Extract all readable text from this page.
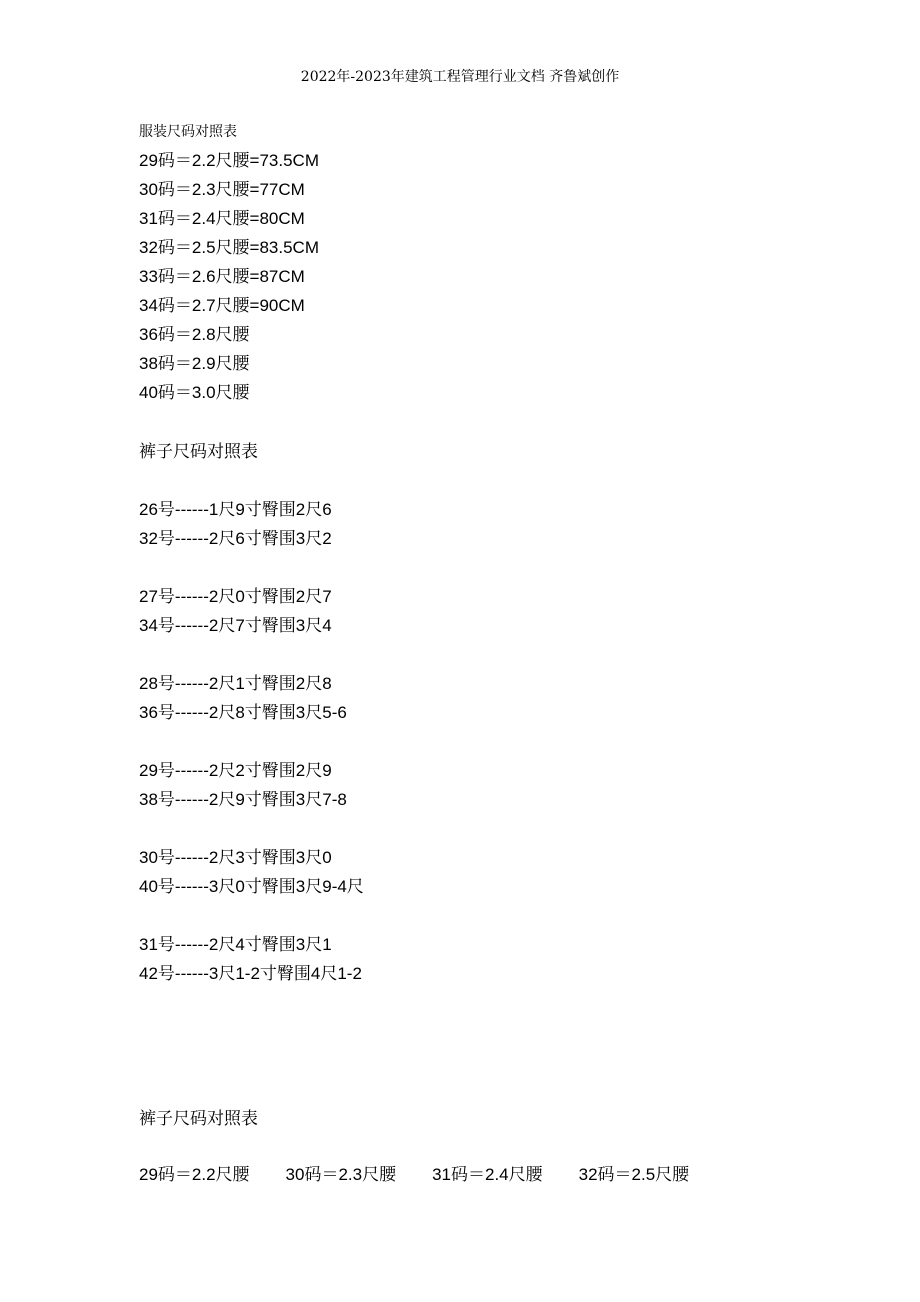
2022年-2023年建筑工程管理行业文档 齐鲁斌创作
服装尺码对照表
29码＝2.2尺腰=73.5CM
30码＝2.3尺腰=77CM
31码＝2.4尺腰=80CM
32码＝2.5尺腰=83.5CM
33码＝2.6尺腰=87CM
34码＝2.7尺腰=90CM
36码＝2.8尺腰
38码＝2.9尺腰
40码＝3.0尺腰
裤子尺码对照表
26号------1尺9寸臀围2尺6
32号------2尺6寸臀围3尺2
27号------2尺0寸臀围2尺7
34号------2尺7寸臀围3尺4
28号------2尺1寸臀围2尺8
36号------2尺8寸臀围3尺5-6
29号------2尺2寸臀围2尺9
38号------2尺9寸臀围3尺7-8
30号------2尺3寸臀围3尺0
40号------3尺0寸臀围3尺9-4尺
31号------2尺4寸臀围3尺1
42号------3尺1-2寸臀围4尺1-2
裤子尺码对照表
29码＝2.2尺腰 30码＝2.3尺腰 31码＝2.4尺腰 32码＝2.5尺腰
